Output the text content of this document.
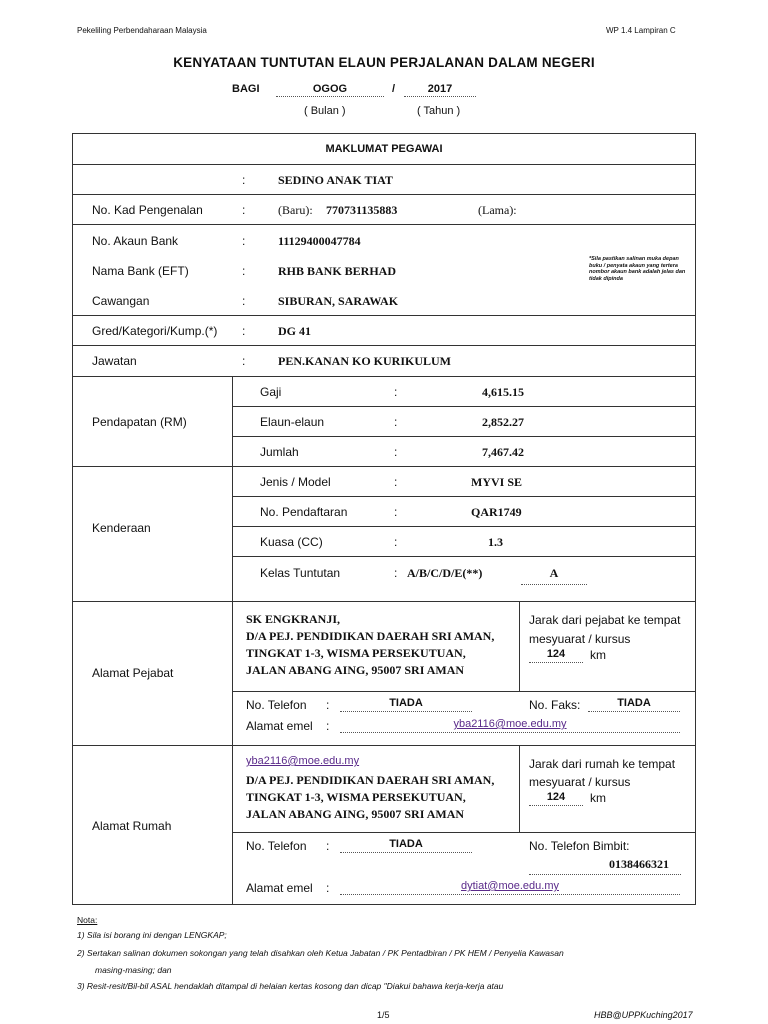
Pekeliling Perbendaharaan Malaysia	WP 1.4 Lampiran C
KENYATAAN TUNTUTAN ELAUN PERJALANAN DALAM NEGERI
BAGI	OGOG	/	2017
( Bulan )	( Tahun )
MAKLUMAT PEGAWAI
:	SEDINO ANAK TIAT
No. Kad Pengenalan	:	(Baru): 770731135883	(Lama):
No. Akaun Bank	:	11129400047784
Nama Bank (EFT)	:	RHB BANK BERHAD
Cawangan	:	SIBURAN, SARAWAK
*Sila pastikan salinan muka depan buku / penyata akaun yang tertera nombor akaun bank adalah jelas dan tidak dipinda
Gred/Kategori/Kump.(*) :	DG 41
Jawatan	:	PEN.KANAN KO KURIKULUM
Pendapatan (RM)
Gaji	:	4,615.15
Elaun-elaun	:	2,852.27
Jumlah	:	7,467.42
Kenderaan
Jenis / Model	:	MYVI SE
No. Pendaftaran	:	QAR1749
Kuasa (CC)	:	1.3
Kelas Tuntutan	: A/B/C/D/E(**)	A
Alamat Pejabat
SK ENGKRANJI,
D/A PEJ. PENDIDIKAN DAERAH SRI AMAN,
TINGKAT 1-3, WISMA PERSEKUTUAN,
JALAN ABANG AING, 95007 SRI AMAN
Jarak dari pejabat ke tempat
mesyuarat / kursus
124	km
No. Telefon :	TIADA	No. Faks:	TIADA
Alamat emel :	yba2116@moe.edu.my
Alamat Rumah
yba2116@moe.edu.my
D/A PEJ. PENDIDIKAN DAERAH SRI AMAN,
TINGKAT 1-3, WISMA PERSEKUTUAN,
JALAN ABANG AING, 95007 SRI AMAN
Jarak dari rumah ke tempat
mesyuarat / kursus
124	km
No. Telefon :	TIADA	No. Telefon Bimbit:
0138466321
Alamat emel :	dytiat@moe.edu.my
Nota:
1) Sila isi borang ini dengan LENGKAP;
2) Sertakan salinan dokumen sokongan yang telah disahkan oleh Ketua Jabatan / PK Pentadbiran / PK HEM / Penyelia Kawasan
masing-masing; dan
3) Resit-resit/Bil-bil ASAL hendaklah ditampal di helaian kertas kosong dan dicap "Diakui bahawa kerja-kerja atau
1/5	HBB@UPPKuching2017
